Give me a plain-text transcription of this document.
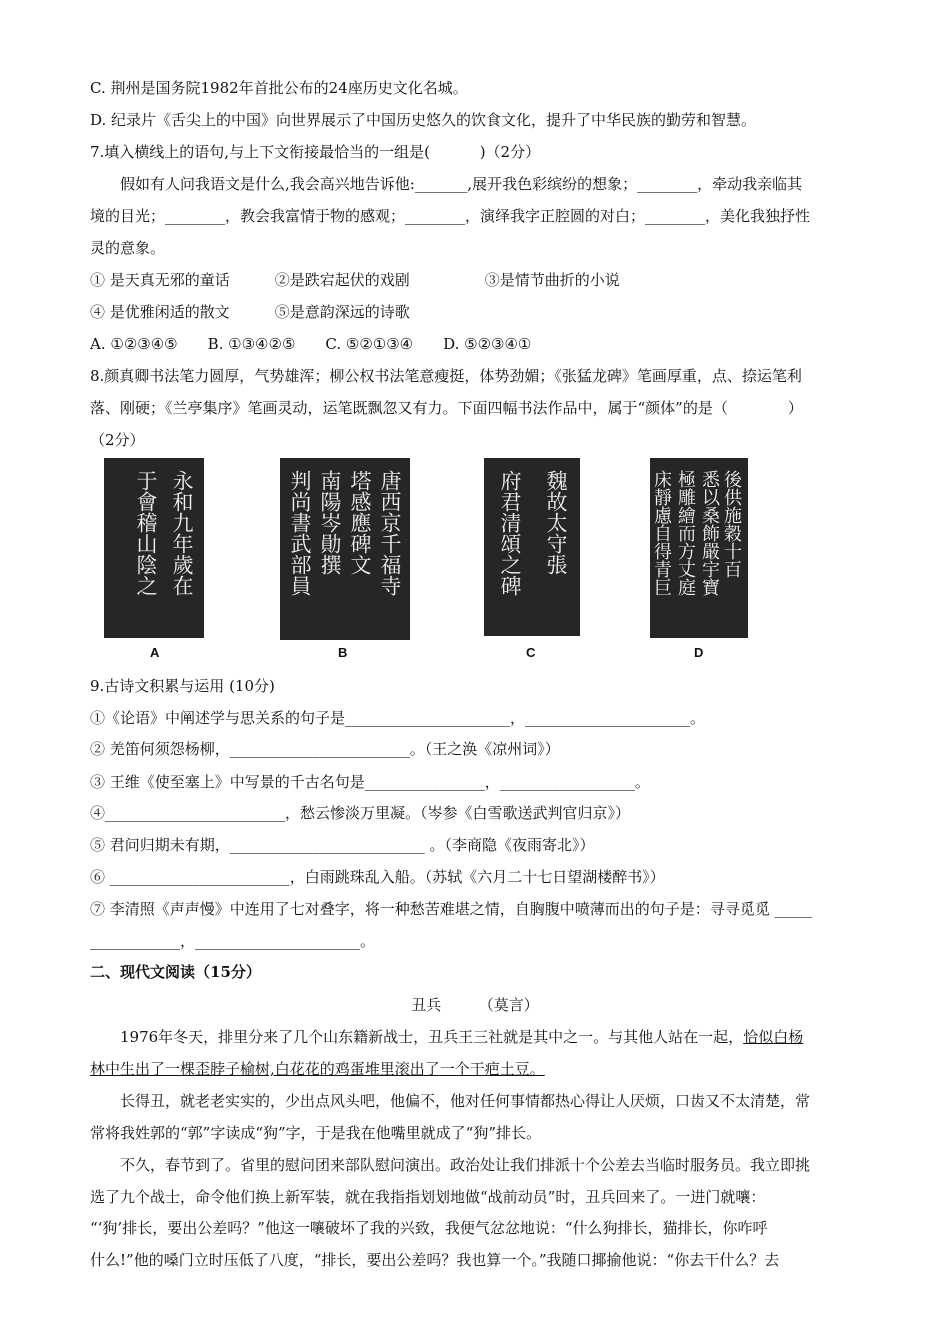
C. 荆州是国务院1982年首批公布的24座历史文化名城。
D. 纪录片《舌尖上的中国》向世界展示了中国历史悠久的饮食文化，提升了中华民族的勤劳和智慧。
7.填入横线上的语句,与上下文衔接最恰当的一组是(　　　 )（2分）
假如有人问我语文是什么,我会高兴地告诉他:_______,展开我色彩缤纷的想象；________，牵动我亲临其
境的目光；________，教会我富情于物的感观；________，演绎我字正腔圆的对白；________，美化我独抒性
灵的意象。
① 是天真无邪的童话　　　②是跌宕起伏的戏剧　　　　　③是情节曲折的小说
④ 是优雅闲适的散文　　　⑤是意韵深远的诗歌
A. ①②③④⑤　　B. ①③④②⑤　　C. ⑤②①③④　　D. ⑤②③④①
8.颜真卿书法笔力圆厚，气势雄浑；柳公权书法笔意瘦挺，体势劲媚；《张猛龙碑》笔画厚重，点、捺运笔利
落、刚硬；《兰亭集序》笔画灵动，运笔既飘忽又有力。下面四幅书法作品中，属于“颜体”的是（　　　　）
（2分）
永和九年歲在
于會稽山陰之
A
唐西京千福寺
塔感應碑文
南陽岑勛撰
判尚書武部員
B
魏故太守張
府君清頌之碑
C
後供施穀十百
悉以桑飾嚴宇寶
極雕繪而方丈庭
床靜慮自得青巨
D
9.古诗文积累与运用 (10分)
①《论语》中阐述学与思关系的句子是______________________，______________________。
② 羌笛何须怨杨柳，________________________。（王之涣《凉州词》）
③ 王维《使至塞上》中写景的千古名句是________________，__________________。
④________________________，愁云惨淡万里凝。（岑参《白雪歌送武判官归京》）
⑤ 君问归期未有期，__________________________ 。（李商隐《夜雨寄北》）
⑥ ________________________，白雨跳珠乱入船。（苏轼《六月二十七日望湖楼醉书》）
⑦ 李清照《声声慢》中连用了七对叠字，将一种愁苦难堪之情，自胸腹中喷薄而出的句子是：寻寻觅觅 _____
____________，______________________。
二、现代文阅读（15分）
丑兵　　　（莫言）
1976年冬天，排里分来了几个山东籍新战士，丑兵王三社就是其中之一。与其他人站在一起，恰似白杨
林中生出了一棵歪脖子榆树,白花花的鸡蛋堆里滚出了一个干疤土豆。
长得丑，就老老实实的，少出点风头吧，他偏不，他对任何事情都热心得让人厌烦，口齿又不太清楚，常
常将我姓郭的“郭”字读成“狗”字，于是我在他嘴里就成了“狗”排长。
不久，春节到了。省里的慰问团来部队慰问演出。政治处让我们排派十个公差去当临时服务员。我立即挑
选了九个战士，命令他们换上新军装，就在我指指划划地做“战前动员”时，丑兵回来了。一进门就嚷：
“‘狗’排长，要出公差吗？”他这一嚷破坏了我的兴致，我便气忿忿地说：“什么狗排长，猫排长，你咋呼
什么!”他的嗓门立时压低了八度，“排长，要出公差吗？我也算一个。”我随口揶揄他说：“你去干什么？去
